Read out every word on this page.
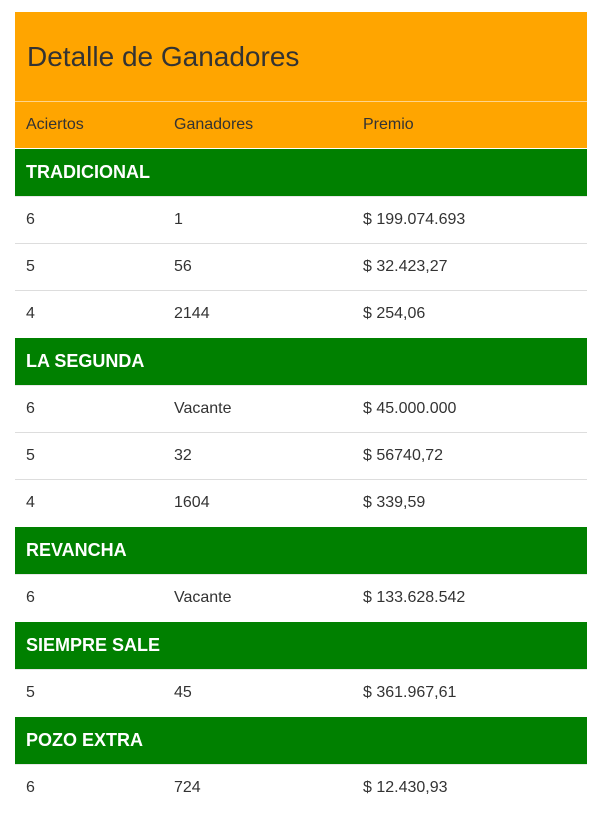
Detalle de Ganadores
Aciertos	Ganadores	Premio
TRADICIONAL
6	1	$ 199.074.693
5	56	$ 32.423,27
4	2144	$ 254,06
LA SEGUNDA
6	Vacante	$ 45.000.000
5	32	$ 56740,72
4	1604	$ 339,59
REVANCHA
6	Vacante	$ 133.628.542
SIEMPRE SALE
5	45	$ 361.967,61
POZO EXTRA
6	724	$ 12.430,93
